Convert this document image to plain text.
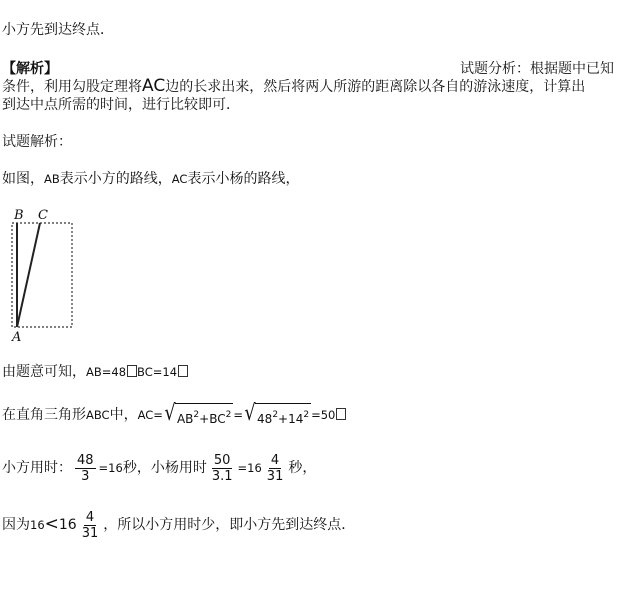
小方先到达终点．
【解析】	试题分析：根据题中已知
条件，利用勾股定理将AC边的长求出来，然后将两人所游的距离除以各自的游泳速度，计算出
到达中点所需的时间，进行比较即可．
试题解析：
如图，AB表示小方的路线，AC表示小杨的路线，
B C
A
由题意可知，AB=48 BC=14
在直角三角形ABC中，AC= √ $AB^2+BC^2$ = √ $48^2+14^2 =50$
小方用时： $\frac{48}{3} =16$秒，小杨用时 $\frac{50}{3.1} =16 \frac{4}{31}$ 秒，
因为$16<16 \frac{4}{31}$ ，所以小方用时少，即小方先到达终点．
